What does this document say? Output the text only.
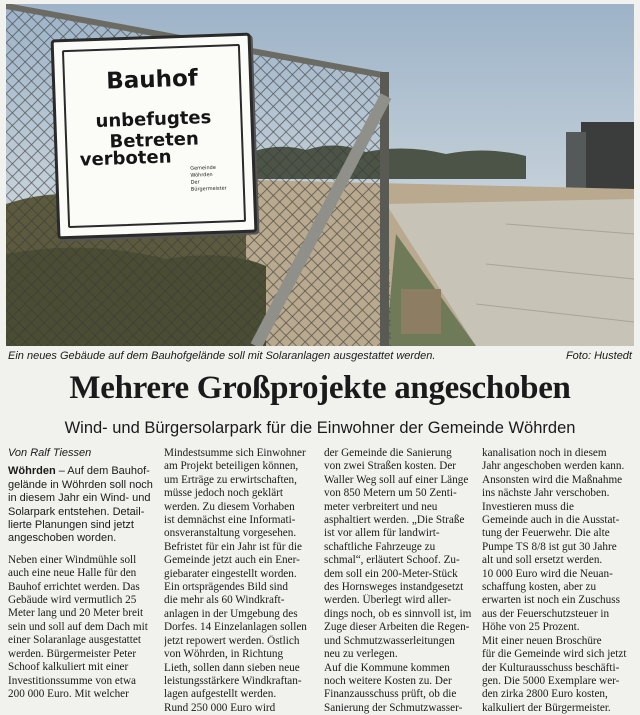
Bauhof
unbefugtes Betreten
verboten	Gemeinde Wöhrden
Der Bürgermeister
Ein neues Gebäude auf dem Bauhofgelände soll mit Solaranlagen ausgestattet werden.	Foto: Hustedt
Mehrere Großprojekte angeschoben
Wind- und Bürgersolarpark für die Einwohner der Gemeinde Wöhrden

Von Ralf Tiessen

Wöhrden – Auf dem Bauhof-

gelände in Wöhrden soll noch

in diesem Jahr ein Wind- und

Solarpark entstehen. Detail-

lierte Planungen sind jetzt

angeschoben worden.

Neben einer Windmühle soll

auch eine neue Halle für den

Bauhof errichtet werden. Das

Gebäude wird vermutlich 25

Meter lang und 20 Meter breit

sein und soll auf dem Dach mit

einer Solaranlage ausgestattet

werden. Bürgermeister Peter

Schoof kalkuliert mit einer

Investitionssumme von etwa

200 000 Euro. Mit welcher

Mindestsumme sich Einwohner

am Projekt beteiligen können,

um Erträge zu erwirtschaften,

müsse jedoch noch geklärt

werden. Zu diesem Vorhaben

ist demnächst eine Informati-

onsveranstaltung vorgesehen.

Befristet für ein Jahr ist für die

Gemeinde jetzt auch ein Ener-

giebarater eingestellt worden.

Ein ortsprägendes Bild sind

die mehr als 60 Windkraft-

anlagen in der Umgebung des

Dorfes. 14 Einzelanlagen sollen

jetzt repowert werden. Östlich

von Wöhrden, in Richtung

Lieth, sollen dann sieben neue

leistungsstärkere Windkraftan-

lagen aufgestellt werden.

Rund 250 000 Euro wird

der Gemeinde die Sanierung

von zwei Straßen kosten. Der

Waller Weg soll auf einer Länge

von 850 Metern um 50 Zenti-

meter verbreitert und neu

asphaltiert werden. „Die Straße

ist vor allem für landwirt-

schaftliche Fahrzeuge zu

schmal“, erläutert Schoof. Zu-

dem soll ein 200-Meter-Stück

des Hornsweges instandgesetzt

werden. Überlegt wird aller-

dings noch, ob es sinnvoll ist, im

Zuge dieser Arbeiten die Regen-

und Schmutzwasserleitungen

neu zu verlegen.

Auf die Kommune kommen

noch weitere Kosten zu. Der

Finanzausschuss prüft, ob die

Sanierung der Schmutzwasser-

kanalisation noch in diesem

Jahr angeschoben werden kann.

Ansonsten wird die Maßnahme

ins nächste Jahr verschoben.

Investieren muss die

Gemeinde auch in die Ausstat-

tung der Feuerwehr. Die alte

Pumpe TS 8/8 ist gut 30 Jahre

alt und soll ersetzt werden.

10 000 Euro wird die Neuan-

schaffung kosten, aber zu

erwarten ist noch ein Zuschuss

aus der Feuerschutzsteuer in

Höhe von 25 Prozent.

Mit einer neuen Broschüre

für die Gemeinde wird sich jetzt

der Kulturausschuss beschäfti-

gen. Die 5000 Exemplare wer-

den zirka 2800 Euro kosten,

kalkuliert der Bürgermeister.
